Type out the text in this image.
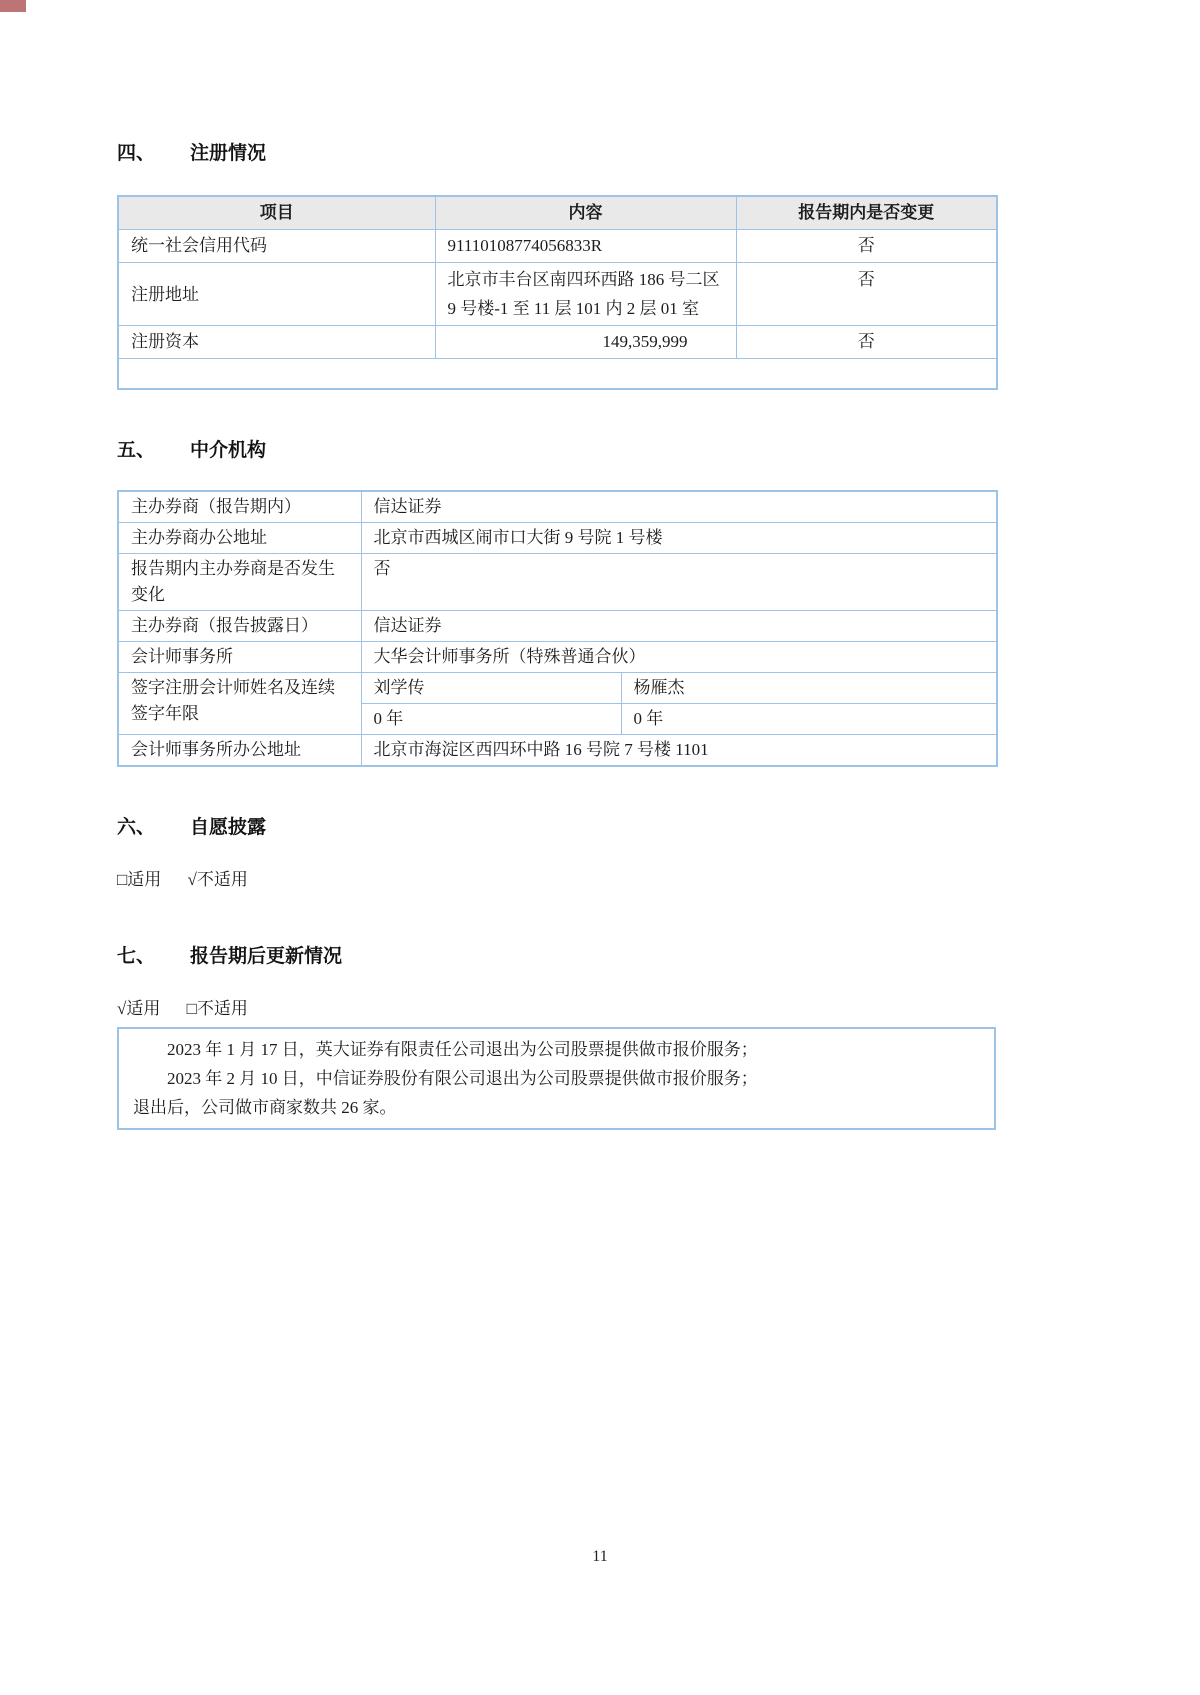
四、	注册情况
项目	内容	报告期内是否变更
统一社会信用代码	91110108774056833R	否
注册地址	北京市丰台区南四环西路 186 号二区 9 号楼-1 至 11 层 101 内 2 层 01 室	否
注册资本	149,359,999	否

五、	中介机构
主办券商（报告期内）	信达证券	
主办券商办公地址	北京市西城区闹市口大街 9 号院 1 号楼	
报告期内主办券商是否发生变化	否	
主办券商（报告披露日）	信达证券	
会计师事务所	大华会计师事务所（特殊普通合伙）	
签字注册会计师姓名及连续签字年限	刘学传	杨雁杰
	0 年	0 年
会计师事务所办公地址	北京市海淀区西四环中路 16 号院 7 号楼 1101	
六、	自愿披露
□适用 √不适用
七、	报告期后更新情况
√适用 □不适用
2023 年 1 月 17 日，英大证券有限责任公司退出为公司股票提供做市报价服务；
2023 年 2 月 10 日，中信证券股份有限公司退出为公司股票提供做市报价服务；
退出后，公司做市商家数共 26 家。
11
